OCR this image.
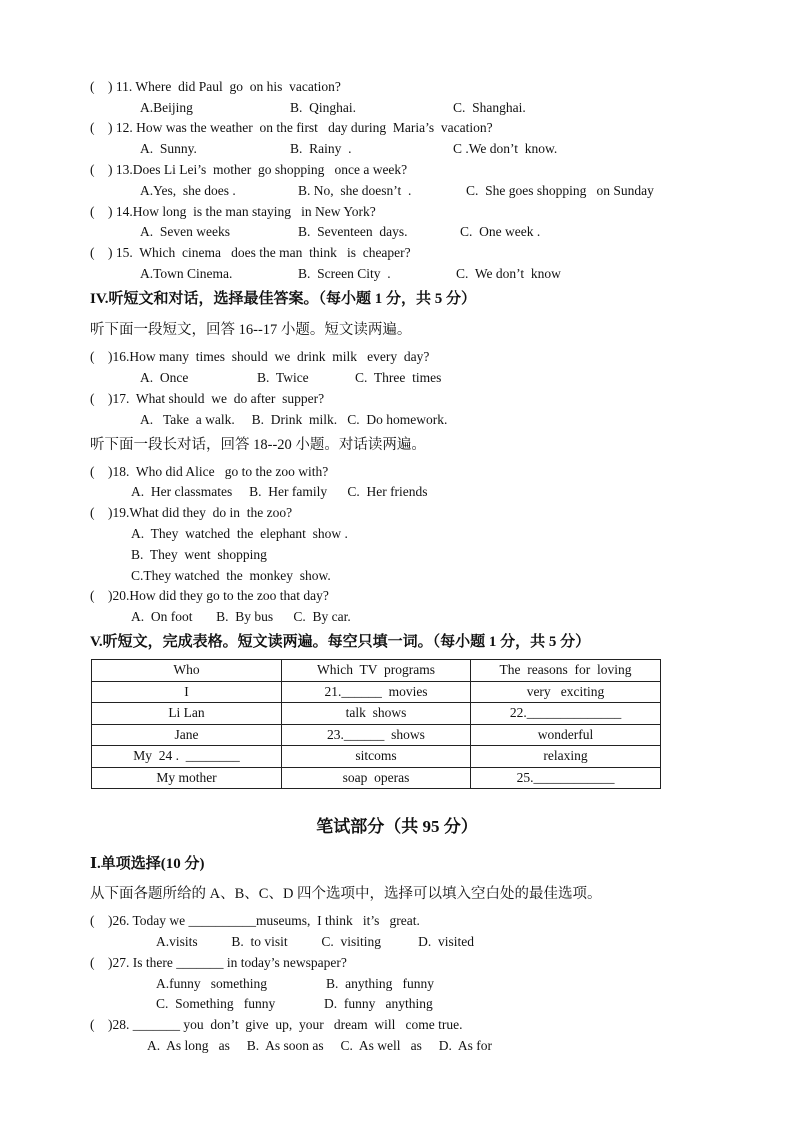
(    ) 11. Where  did Paul  go  on his  vacation?
A.Beijing	B.  Qinghai.	C.  Shanghai.
(    ) 12. How was the weather  on the first   day during  Maria’s  vacation?
A.  Sunny.	B.  Rainy  .	C .We don’t  know.
(    ) 13.Does Li Lei’s  mother  go shopping   once a week?
A.Yes,  she does .	B. No,  she doesn’t  .	C.  She goes shopping   on Sunday
(    ) 14.How long  is the man staying   in New York?
A.  Seven weeks	B.  Seventeen  days.	C.  One week .
(    ) 15.  Which  cinema   does the man  think   is  cheaper?
A.Town Cinema.	B.  Screen City  .	C.  We don’t  know
IV.听短文和对话，选择最佳答案。（每小题 1 分，共 5 分）
听下面一段短文，回答 16--17 小题。短文读两遍。
(    )16.How many  times  should  we  drink  milk   every  day?
A.  Once	B.  Twice	C.  Three  times
(    )17.  What should  we  do after  supper?
A.   Take  a walk.     B.  Drink  milk.   C.  Do homework.
听下面一段长对话，回答 18--20 小题。对话读两遍。
(    )18.  Who did Alice   go to the zoo with?
A.  Her classmates     B.  Her family      C.  Her friends
(    )19.What did they  do in  the zoo?
A.  They  watched  the  elephant  show .
B.  They  went  shopping
C.They watched  the  monkey  show.
(    )20.How did they go to the zoo that day?
A.  On foot       B.  By bus      C.  By car.
V.听短文，完成表格。短文读两遍。每空只填一词。（每小题 1 分，共 5 分）
Who	Which  TV  programs	The  reasons  for  loving
I	21.______  movies	very   exciting
Li Lan	talk  shows	22.______________
Jane	23.______  shows	wonderful
My  24 .  ________	sitcoms	relaxing
My mother	soap  operas	25.____________
笔试部分（共 95 分）
Ⅰ.单项选择(10 分)
从下面各题所给的 A、B、C、D 四个选项中，选择可以填入空白处的最佳选项。
(    )26. Today we __________museums,  I think   it’s   great.
A.visits          B.  to visit          C.  visiting           D.  visited
(    )27. Is there _______ in today’s newspaper?
A.funny   something	B.  anything   funny
C.  Something   funny	D.  funny   anything
(    )28. _______ you  don’t  give  up,  your   dream  will   come true.
A.  As long   as     B.  As soon as     C.  As well   as     D.  As for
